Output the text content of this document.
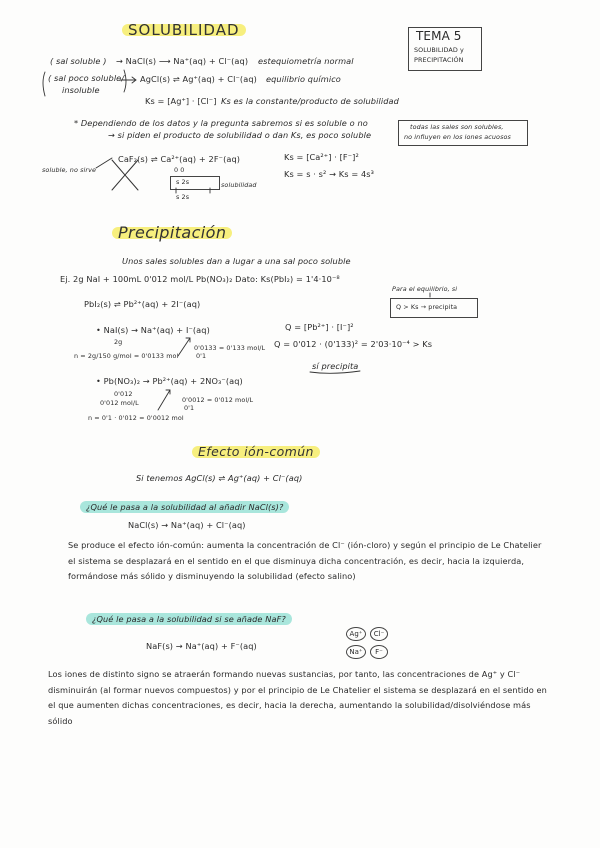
SOLUBILIDAD	TEMA 5
SOLUBILIDAD y
PRECIPITACIÓN
( sal soluble ) → NaCl(s) ⟶ Na⁺(aq) + Cl⁻(aq) estequiometría normal
( sal poco soluble/
insoluble
AgCl(s) ⇌ Ag⁺(aq) + Cl⁻(aq) equilibrio químico
Ks = [Ag⁺] · [Cl⁻] Ks es la constante/producto de solubilidad
* Dependiendo de los datos y la pregunta sabremos si es soluble o no
→ si piden el producto de solubilidad o dan Ks, es poco soluble
todas las sales son solubles,
no influyen en los iones acuosos
soluble, no sirve
CaF₂(s) ⇌ Ca²⁺(aq) + 2F⁻(aq)
0 0
s 2s	solubilidad
s 2s
Ks = [Ca²⁺] · [F⁻]²
Ks = s · s² → Ks = 4s³
Precipitación
Unos sales solubles dan a lugar a una sal poco soluble
Ej. 2g NaI + 100mL 0'012 mol/L Pb(NO₃)₂ Dato: Ks(PbI₂) = 1'4·10⁻⁸
PbI₂(s) ⇌ Pb²⁺(aq) + 2I⁻(aq)
Para el equilibrio, si
Q > Ks → precipita
• NaI(s) → Na⁺(aq) + I⁻(aq)
2g
0'0133 = 0'133 mol/L
0'1
n = 2g/150 g/mol = 0'0133 mol
Q = [Pb²⁺] · [I⁻]²
Q = 0'012 · (0'133)² = 2'03·10⁻⁴ > Ks
sí precipita
• Pb(NO₃)₂ → Pb²⁺(aq) + 2NO₃⁻(aq)
0'012
0'012 mol/L	0'0012 = 0'012 mol/L
0'1
n = 0'1 · 0'012 = 0'0012 mol
Efecto ión-común
Si tenemos AgCl(s) ⇌ Ag⁺(aq) + Cl⁻(aq)
¿Qué le pasa a la solubilidad al añadir NaCl(s)?
NaCl(s) → Na⁺(aq) + Cl⁻(aq)
Se produce el efecto ión-común: aumenta la concentración de Cl⁻ (ión-cloro) y según el principio de Le Chatelier el sistema se desplazará en el sentido en el que disminuya dicha concentración, es decir, hacia la izquierda, formándose más sólido y disminuyendo la solubilidad (efecto salino)
¿Qué le pasa a la solubilidad si se añade NaF?
NaF(s) → Na⁺(aq) + F⁻(aq)
Ag⁺	Cl⁻
Na⁺	F⁻
Los iones de distinto signo se atraerán formando nuevas sustancias, por tanto, las concentraciones de Ag⁺ y Cl⁻ disminuirán (al formar nuevos compuestos) y por el principio de Le Chatelier el sistema se desplazará en el sentido en el que aumenten dichas concentraciones, es decir, hacia la derecha, aumentando la solubilidad/disolviéndose más sólido
